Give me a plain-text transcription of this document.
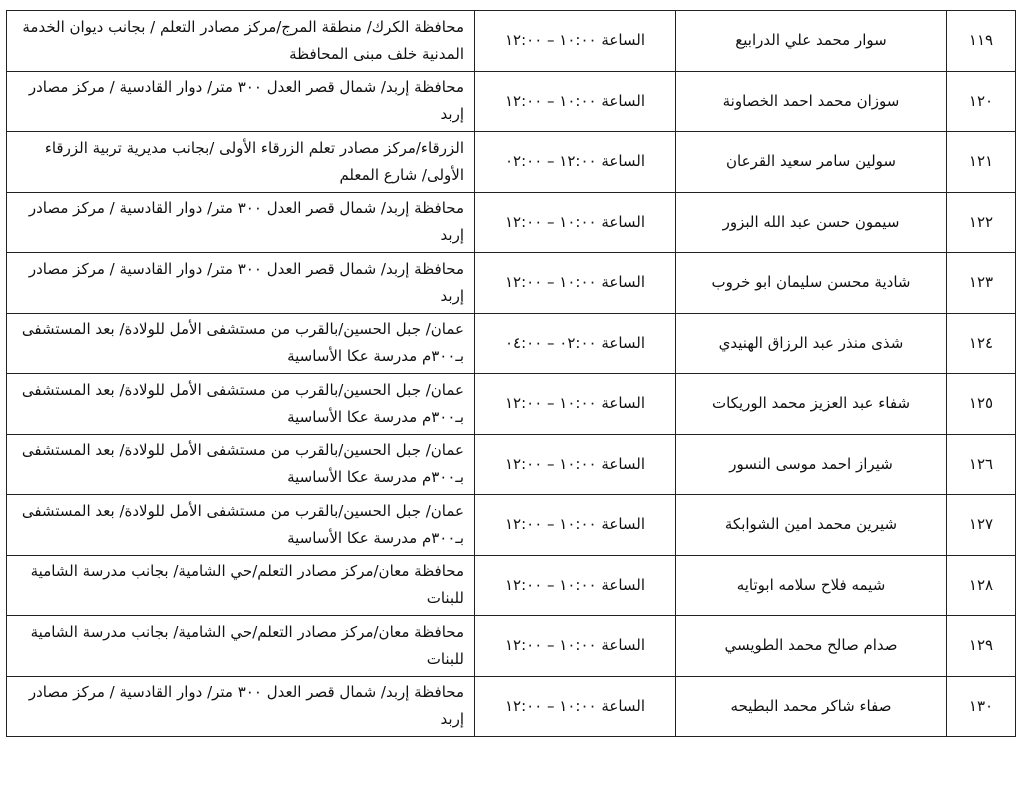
١١٩	سوار محمد علي الدرابيع	الساعة ١٠:٠٠ – ١٢:٠٠	محافظة الكرك/ منطقة المرج/مركز مصادر التعلم / بجانب ديوان الخدمة المدنية خلف مبنى المحافظة
١٢٠	سوزان محمد احمد الخصاونة	الساعة ١٠:٠٠ – ١٢:٠٠	محافظة إربد/ شمال قصر العدل ٣٠٠ متر/ دوار القادسية / مركز مصادر إربد
١٢١	سولين سامر سعيد القرعان	الساعة ١٢:٠٠ – ٠٢:٠٠	الزرقاء/مركز مصادر تعلم الزرقاء الأولى /بجانب مديرية تربية الزرقاء الأولى/ شارع المعلم
١٢٢	سيمون حسن عبد الله البزور	الساعة ١٠:٠٠ – ١٢:٠٠	محافظة إربد/ شمال قصر العدل ٣٠٠ متر/ دوار القادسية / مركز مصادر إربد
١٢٣	شادية محسن سليمان ابو خروب	الساعة ١٠:٠٠ – ١٢:٠٠	محافظة إربد/ شمال قصر العدل ٣٠٠ متر/ دوار القادسية / مركز مصادر إربد
١٢٤	شذى منذر عبد الرزاق الهنيدي	الساعة ٠٢:٠٠ – ٠٤:٠٠	عمان/ جبل الحسين/بالقرب من مستشفى الأمل للولادة/ بعد المستشفى بـ٣٠٠م مدرسة عكا الأساسية
١٢٥	شفاء عبد العزيز محمد الوريكات	الساعة ١٠:٠٠ – ١٢:٠٠	عمان/ جبل الحسين/بالقرب من مستشفى الأمل للولادة/ بعد المستشفى بـ٣٠٠م مدرسة عكا الأساسية
١٢٦	شيراز احمد موسى النسور	الساعة ١٠:٠٠ – ١٢:٠٠	عمان/ جبل الحسين/بالقرب من مستشفى الأمل للولادة/ بعد المستشفى بـ٣٠٠م مدرسة عكا الأساسية
١٢٧	شيرين محمد امين الشوابكة	الساعة ١٠:٠٠ – ١٢:٠٠	عمان/ جبل الحسين/بالقرب من مستشفى الأمل للولادة/ بعد المستشفى بـ٣٠٠م مدرسة عكا الأساسية
١٢٨	شيمه فلاح سلامه ابوتايه	الساعة ١٠:٠٠ – ١٢:٠٠	محافظة معان/مركز مصادر التعلم/حي الشامية/ بجانب مدرسة الشامية للبنات
١٢٩	صدام صالح محمد الطويسي	الساعة ١٠:٠٠ – ١٢:٠٠	محافظة معان/مركز مصادر التعلم/حي الشامية/ بجانب مدرسة الشامية للبنات
١٣٠	صفاء شاكر محمد البطيحه	الساعة ١٠:٠٠ – ١٢:٠٠	محافظة إربد/ شمال قصر العدل ٣٠٠ متر/ دوار القادسية / مركز مصادر إربد
